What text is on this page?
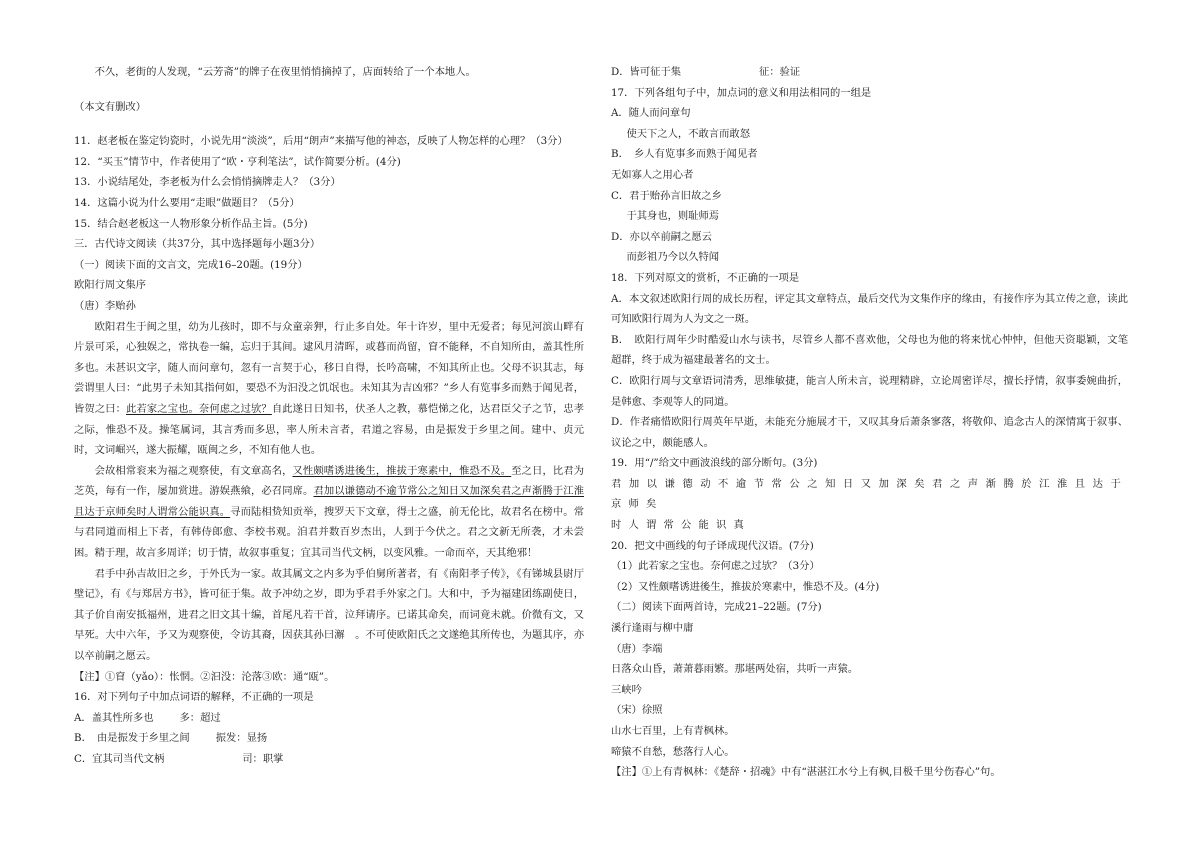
不久，老街的人发现，“云芳斋”的牌子在夜里悄悄摘掉了，店面转给了一个本地人。

（本文有删改）

11．赵老板在鉴定钧瓷时，小说先用“淡淡”，后用“朗声”来描写他的神态，反映了人物怎样的心理？（3分）

12．“买玉”情节中，作者使用了“欧・亨利笔法”，试作简要分析。(4分)

13．小说结尾处，李老板为什么会悄悄摘牌走人？（3分）

14．这篇小说为什么要用“走眼”做题目？（5分）

15．结合赵老板这一人物形象分析作品主旨。(5分)

三．古代诗文阅读（共37分，其中选择题每小题3分）

（一）阅读下面的文言文，完成16–20题。(19分）

欧阳行周文集序

（唐）李贻孙

欧阳君生于闽之里，幼为儿孩时，即不与众童亲狎，行止多自处。年十许岁，里中无爱者；每见河滨山畔有片景可采，心独娱之，常执卷一编，忘归于其间。逮风月清晖，或暮而尚留，窅不能释，不自知所由，盖其性所多也。未甚识文字，随人而问章句，忽有一言契于心，移日自得，长吟高啸，不知其所止也。父母不识其志，每尝谓里人曰：“此男子未知其指何如，要恐不为汩没之饥氓也。未知其为吉凶邪？”乡人有览事多而熟于闻见者，皆贺之曰：此若家之宝也。奈何虑之过欤？自此遂日日知书，伏圣人之教，慕恺悌之化，达君臣父子之节，忠孝之际，惟恐不及。操笔属词，其言秀而多思，率人所未言者，君道之容易，由是振发于乡里之间。建中、贞元时，文词崛兴，遂大振耀，瓯闽之乡，不知有他人也。

会故相常衮来为福之观察使，有文章高名，又性颇嗜诱进後生，推拔于寒素中，惟恐不及。至之日，比君为芝英，每有一作，屡加赏进。游娱燕飨，必召同席。君加以谦德动不逾节常公之知日又加深矣君之声渐腾于江淮且达于京师矣时人谓常公能识真。寻而陆相贽知贡举，搜罗天下文章，得士之盛，前无伦比，故君名在榜中。常与君同道而相上下者，有韩侍郎愈、李校书观。洎君并数百岁杰出，人到于今伏之。君之文新无所袭，才未尝困。精于理，故言多周详；切于情，故叙事重复；宜其司当代文柄，以变风雅。一命而卒，天其绝邪！

君手中孙吉故旧之乡，于外氏为一家。故其属文之内多为乎伯舅所著者，有《南阳孝子传》，《有锑城县尉厅壁记》，有《与郑居方书》，皆可征于集。故予冲幼之岁，即为乎君手外家之门。大和中，予为福建团练副使日，其子价自南安抵福州，进君之旧文其十编，首尾凡若干首，泣拜请序。已诺其命矣，而词竟未就。价微有文，又早死。大中六年，予又为观察使，令访其裔，因获其孙曰澥　。不可使欧阳氏之文遂绝其所传也，为题其序，亦以卒前嗣之愿云。

【注】①窅（yǎo）：怅惘。②汩没：沦落③欧：通“瓯”。

16．对下列句子中加点词语的解释，不正确的一项是

A．盖其性所多也	多：超过

B．　由是振发于乡里之间	振发：显扬

C．宜其司当代文柄	司：职掌

D．皆可征于集	征：验证

17．下列各组句子中，加点词的意义和用法相同的一组是

A．随人而问章句

使天下之人，不敢言而敢怒

B．　乡人有览事多而熟于闻见者

无如寡人之用心者

C．君于贻孙言旧故之乡

于其身也，则耻师焉

D．亦以卒前嗣之愿云

而彭祖乃今以久特闻

18．下列对原文的赏析，不正确的一项是

A．本文叙述欧阳行周的成长历程，评定其文章特点，最后交代为文集作序的缘由，有接作序为其立传之意，读此可知欧阳行周为人为文之一斑。

B．　欧阳行周年少时酷爱山水与读书，尽管乡人都不喜欢他，父母也为他的将来忧心忡忡，但他天资聪颖，文笔超群，终于成为福建最著名的文士。

C．欧阳行周与文章语词清秀，思维敏捷，能言人所未言，说理精辟，立论周密详尽，擅长抒情，叙事委婉曲折，是韩愈、李观等人的同道。

D．作者痛惜欧阳行周英年早逝，未能充分施展才干，又叹其身后萧条寥落，将敬仰、追念古人的深情寓于叙事、议论之中，颇能感人。

19．用“/”给文中画波浪线的部分断句。(3分)

君加以谦德动不逾节常公之知日又加深矣君之声渐腾於江淮且达于京师矣

时人谓常公能识真

20．把文中画线的句子译成现代汉语。(7分)

（1）此若家之宝也。奈何虑之过欤？（3分）

（2）又性颇嗜诱进後生，推拔於寒素中，惟恐不及。(4分)

（二）阅读下面两首诗，完成21–22题。(7分)

溪行逢雨与柳中庸

（唐）李端

日落众山昏，萧萧暮雨繁。那堪两处宿，共听一声猿。

三峡吟

（宋）徐照

山水七百里，上有青枫林。

啼猿不自愁，愁落行人心。

【注】①上有青枫林：《楚辞・招魂》中有“湛湛江水兮上有枫,目极千里兮伤春心”句。
